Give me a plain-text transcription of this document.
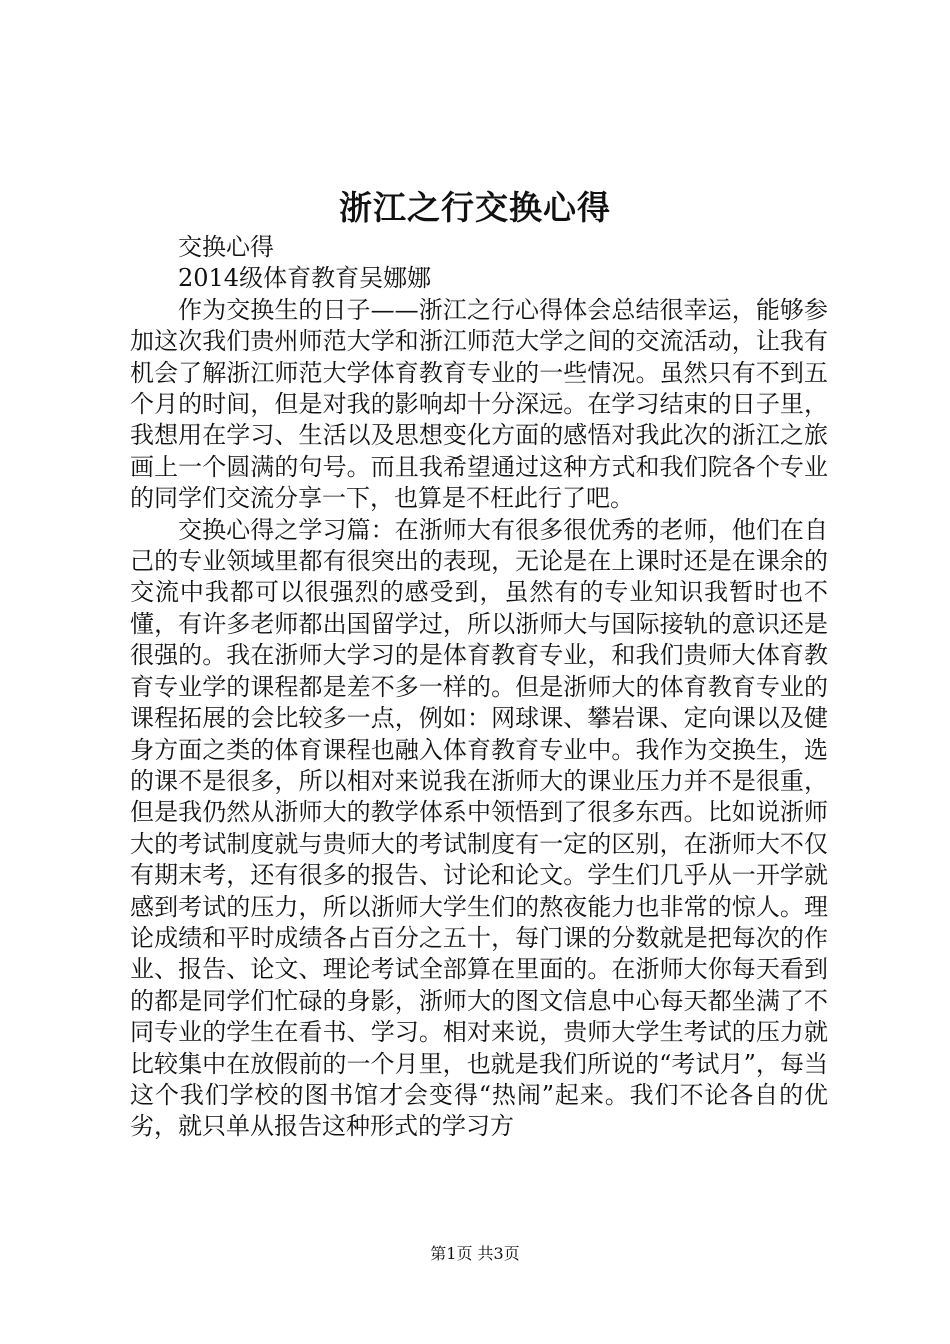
浙江之行交换心得

交换心得

2014级体育教育吴娜娜

作为交换生的日子——浙江之行心得体会总结很幸运，能够参加这次我们贵州师范大学和浙江师范大学之间的交流活动，让我有机会了解浙江师范大学体育教育专业的一些情况。虽然只有不到五个月的时间，但是对我的影响却十分深远。在学习结束的日子里，我想用在学习、生活以及思想变化方面的感悟对我此次的浙江之旅画上一个圆满的句号。而且我希望通过这种方式和我们院各个专业的同学们交流分享一下，也算是不枉此行了吧。

交换心得之学习篇：在浙师大有很多很优秀的老师，他们在自己的专业领域里都有很突出的表现，无论是在上课时还是在课余的交流中我都可以很强烈的感受到，虽然有的专业知识我暂时也不懂，有许多老师都出国留学过，所以浙师大与国际接轨的意识还是很强的。我在浙师大学习的是体育教育专业，和我们贵师大体育教育专业学的课程都是差不多一样的。但是浙师大的体育教育专业的课程拓展的会比较多一点，例如：网球课、攀岩课、定向课以及健身方面之类的体育课程也融入体育教育专业中。我作为交换生，选的课不是很多，所以相对来说我在浙师大的课业压力并不是很重，但是我仍然从浙师大的教学体系中领悟到了很多东西。比如说浙师大的考试制度就与贵师大的考试制度有一定的区别，在浙师大不仅有期末考，还有很多的报告、讨论和论文。学生们几乎从一开学就感到考试的压力，所以浙师大学生们的熬夜能力也非常的惊人。理论成绩和平时成绩各占百分之五十，每门课的分数就是把每次的作业、报告、论文、理论考试全部算在里面的。在浙师大你每天看到的都是同学们忙碌的身影，浙师大的图文信息中心每天都坐满了不同专业的学生在看书、学习。相对来说，贵师大学生考试的压力就比较集中在放假前的一个月里，也就是我们所说的“考试月”，每当这个我们学校的图书馆才会变得“热闹”起来。我们不论各自的优劣，就只单从报告这种形式的学习方

第1页 共3页
